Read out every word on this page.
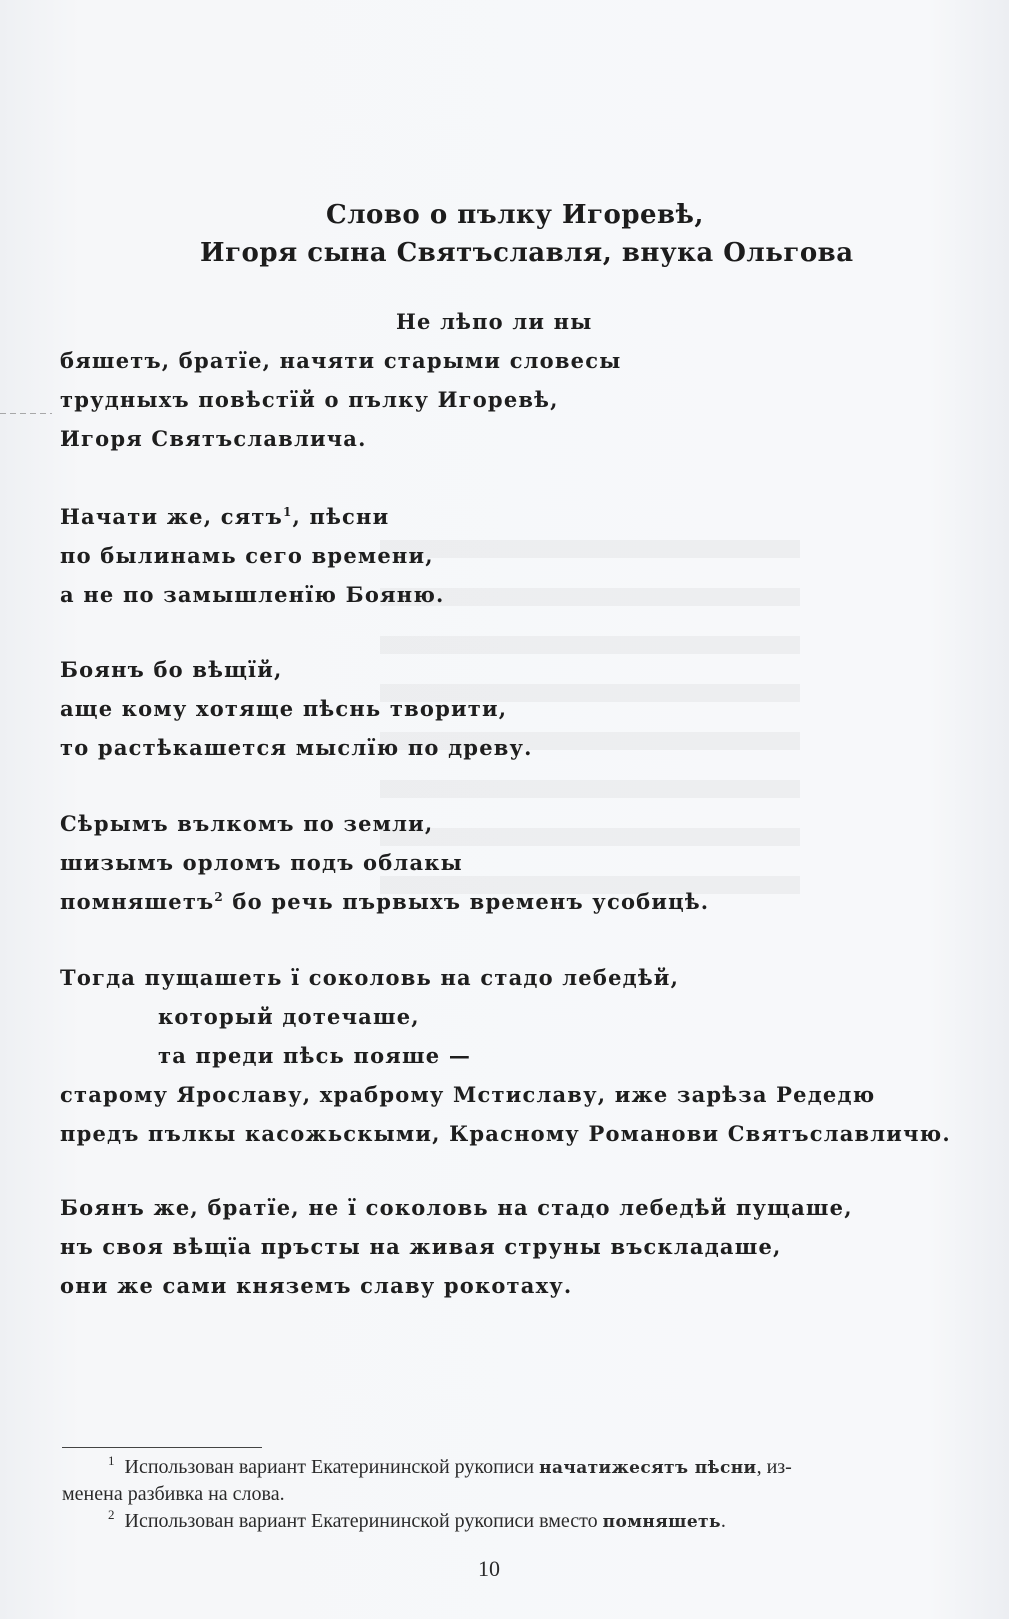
Слово о пълку Игоревѣ,
Игоря сына Святъславля, внука Ольгова
Не лѣпо ли ны
бяшетъ, братïе, начяти старыми словесы
трудныхъ повѣстïй о пълку Игоревѣ,
Игоря Святъславлича.
Начати же, сятъ$^1$, пѣсни
по былинамь сего времени,
а не по замышленïю Бояню.
Боянъ бо вѣщïй,
аще кому хотяще пѣснь творити,
то растѣкашется мыслïю по древу.
Сѣрымъ вълкомъ по земли,
шизымъ орломъ подъ облакы
помняшетъ$^2$ бо речь първыхъ временъ усобицѣ.
Тогда пущашеть ї соколовь на стадо лебедѣй,
который дотечаше,
та преди пѣсь пояше —
старому Ярославу, храброму Мстиславу, иже зарѣза Редедю
предъ пълкы касожьскыми, Красному Романови Святъславличю.
Боянъ же, братïе, не ї соколовь на стадо лебедѣй пущаше,
нъ своя вѣщïа пръсты на живая струны въскладаше,
они же сами княземъ славу рокотаху.
$^1$ Использован вариант Екатерининской рукописи начатижесятъ пѣсни, из-
менена разбивка на слова.
$^2$ Использован вариант Екатерининской рукописи вместо помняшеть.
10
